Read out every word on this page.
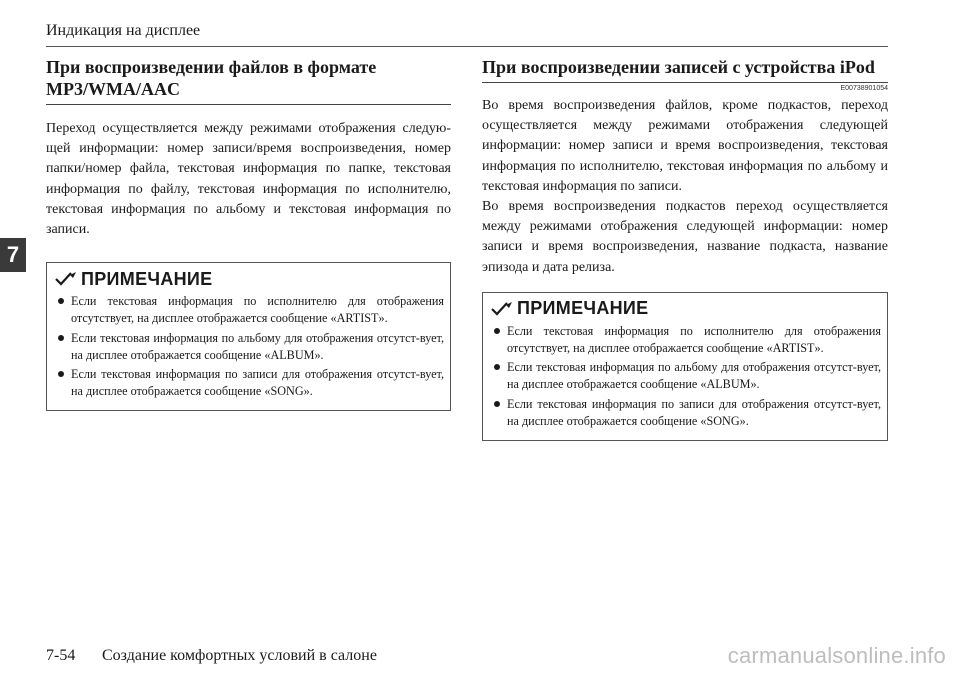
Индикация на дисплее
7
При воспроизведении файлов в формате
MP3/WMA/AAC

Переход осуществляется между режимами отображения следую-щей информации: номер записи/время воспроизведения, номер папки/номер файла, текстовая информация по папке, текстовая информация по файлу, текстовая информация по исполнителю, текстовая информация по альбому и текстовая информация по записи.

ПРИМЕЧАНИЕ
Если текстовая информация по исполнителю для отображения отсутствует, на дисплее отображается сообщение «ARTIST».
Если текстовая информация по альбому для отображения отсутст-вует, на дисплее отображается сообщение «ALBUM».
Если текстовая информация по записи для отображения отсутст-вует, на дисплее отображается сообщение «SONG».
При воспроизведении записей с устройства iPod
E00738901054

Во время воспроизведения файлов, кроме подкастов, переход осуществляется между режимами отображения следующей информации: номер записи и время воспроизведения, текстовая информация по исполнителю, текстовая информация по альбому и текстовая информация по записи.

Во время воспроизведения подкастов переход осуществляется между режимами отображения следующей информации: номер записи и время воспроизведения, название подкаста, название эпизода и дата релиза.

ПРИМЕЧАНИЕ
Если текстовая информация по исполнителю для отображения отсутствует, на дисплее отображается сообщение «ARTIST».
Если текстовая информация по альбому для отображения отсутст-вует, на дисплее отображается сообщение «ALBUM».
Если текстовая информация по записи для отображения отсутст-вует, на дисплее отображается сообщение «SONG».
7-54 Создание комфортных условий в салоне	carmanualsonline.info
